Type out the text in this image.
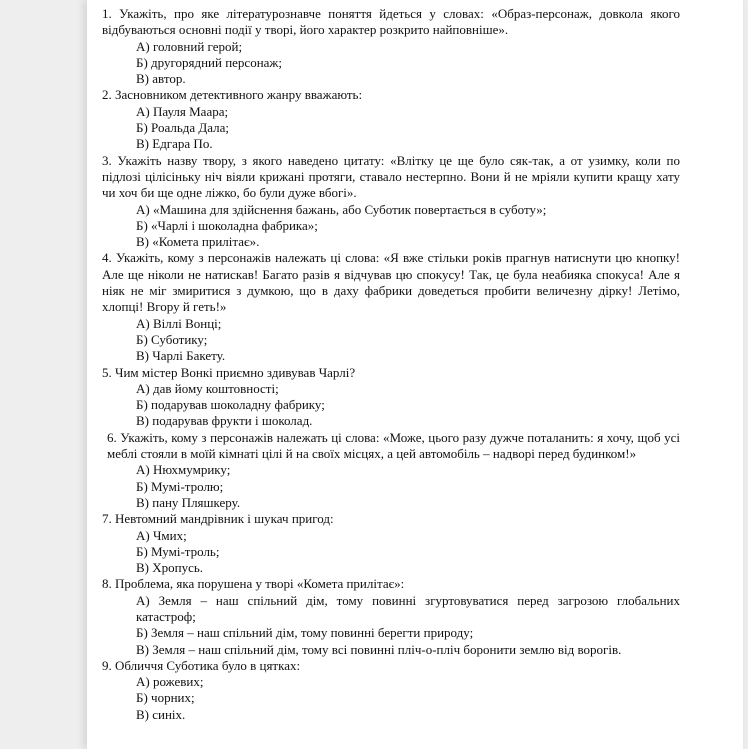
1. Укажіть, про яке літературознавче поняття йдеться у словах: «Образ-персонаж, довкола якого відбуваються основні події у творі, його характер розкрито найповніше».

А) головний герой;

Б) другорядний персонаж;

В) автор.

2. Засновником детективного жанру вважають:

А) Пауля Маара;

Б) Роальда Дала;

В) Едгара По.

3. Укажіть назву твору, з якого наведено цитату: «Влітку це ще було сяк-так, а от узимку, коли по підлозі цілісіньку ніч віяли крижані протяги, ставало нестерпно. Вони й не мріяли купити кращу хату чи хоч би ще одне ліжко, бо були дуже вбогі».

А) «Машина для здійснення бажань, або Суботик повертається в суботу»;

Б) «Чарлі і шоколадна фабрика»;

В) «Комета прилітає».

4. Укажіть, кому з персонажів належать ці слова: «Я вже стільки років прагнув натиснути цю кнопку! Але ще ніколи не натискав! Багато разів я відчував цю спокусу! Так, це була неабияка спокуса! Але я ніяк не міг змиритися з думкою, що в даху фабрики доведеться пробити величезну дірку! Летімо, хлопці! Вгору й геть!»

А) Віллі Вонці;

Б) Суботику;

В) Чарлі Бакету.

5. Чим містер Вонкі приємно здивував Чарлі?

А) дав йому коштовності;

Б) подарував шоколадну фабрику;

В) подарував фрукти і шоколад.

6. Укажіть, кому з персонажів належать ці слова: «Може, цього разу дужче поталанить: я хочу, щоб усі меблі стояли в моїй кімнаті цілі й на своїх місцях, а цей автомобіль – надворі перед будинком!»

А) Нюхмумрику;

Б) Мумі-тролю;

В) пану Пляшкеру.

7. Невтомний мандрівник і шукач пригод:

А) Чмих;

Б) Мумі-троль;

В) Хропусь.

8. Проблема, яка порушена у творі «Комета прилітає»:

А) Земля – наш спільний дім, тому повинні згуртовуватися перед загрозою глобальних катастроф;

Б) Земля – наш спільний дім, тому повинні берегти природу;

В) Земля – наш спільний дім, тому всі повинні пліч-о-пліч боронити землю від ворогів.

9. Обличчя Суботика було в цятках:

А) рожевих;

Б) чорних;

В) синіх.
